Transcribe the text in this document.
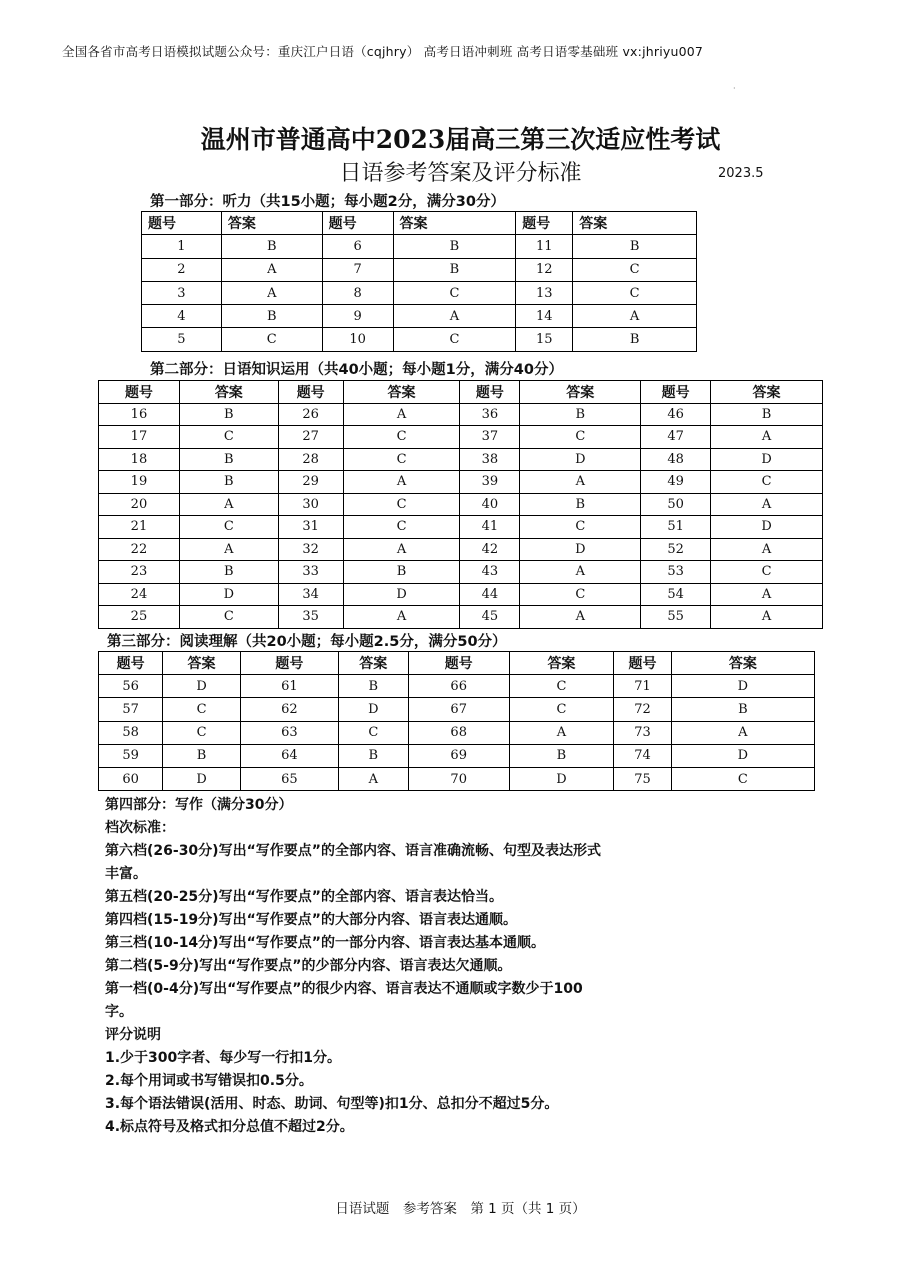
全国各省市高考日语模拟试题公众号：重庆江户日语（cqjhry） 高考日语冲刺班 高考日语零基础班 vx:jhriyu007
·
温州市普通高中2023届高三第三次适应性考试
日语参考答案及评分标准	2023.5
第一部分：听力（共15小题；每小题2分，满分30分）
题号	答案	题号	答案	题号	答案
1	B	6	B	11	B
2	A	7	B	12	C
3	A	8	C	13	C
4	B	9	A	14	A
5	C	10	C	15	B
第二部分：日语知识运用（共40小题；每小题1分，满分40分）
题号	答案	题号	答案	题号	答案	题号	答案
16	B	26	A	36	B	46	B
17	C	27	C	37	C	47	A
18	B	28	C	38	D	48	D
19	B	29	A	39	A	49	C
20	A	30	C	40	B	50	A
21	C	31	C	41	C	51	D
22	A	32	A	42	D	52	A
23	B	33	B	43	A	53	C
24	D	34	D	44	C	54	A
25	C	35	A	45	A	55	A
第三部分：阅读理解（共20小题；每小题2.5分，满分50分）
题号	答案	题号	答案	题号	答案	题号	答案
56	D	61	B	66	C	71	D
57	C	62	D	67	C	72	B
58	C	63	C	68	A	73	A
59	B	64	B	69	B	74	D
60	D	65	A	70	D	75	C
第四部分：写作（满分30分）
档次标准：
第六档(26-30分)写出“写作要点”的全部内容、语言准确流畅、句型及表达形式
丰富。
第五档(20-25分)写出“写作要点”的全部内容、语言表达恰当。
第四档(15-19分)写出“写作要点”的大部分内容、语言表达通顺。
第三档(10-14分)写出“写作要点”的一部分内容、语言表达基本通顺。
第二档(5-9分)写出“写作要点”的少部分内容、语言表达欠通顺。
第一档(0-4分)写出“写作要点”的很少内容、语言表达不通顺或字数少于100
字。
评分说明
1.少于300字者、每少写一行扣1分。
2.每个用词或书写错误扣0.5分。
3.每个语法错误(活用、时态、助词、句型等)扣1分、总扣分不超过5分。
4.标点符号及格式扣分总值不超过2分。
日语试题　参考答案　第 1 页（共 1 页）
